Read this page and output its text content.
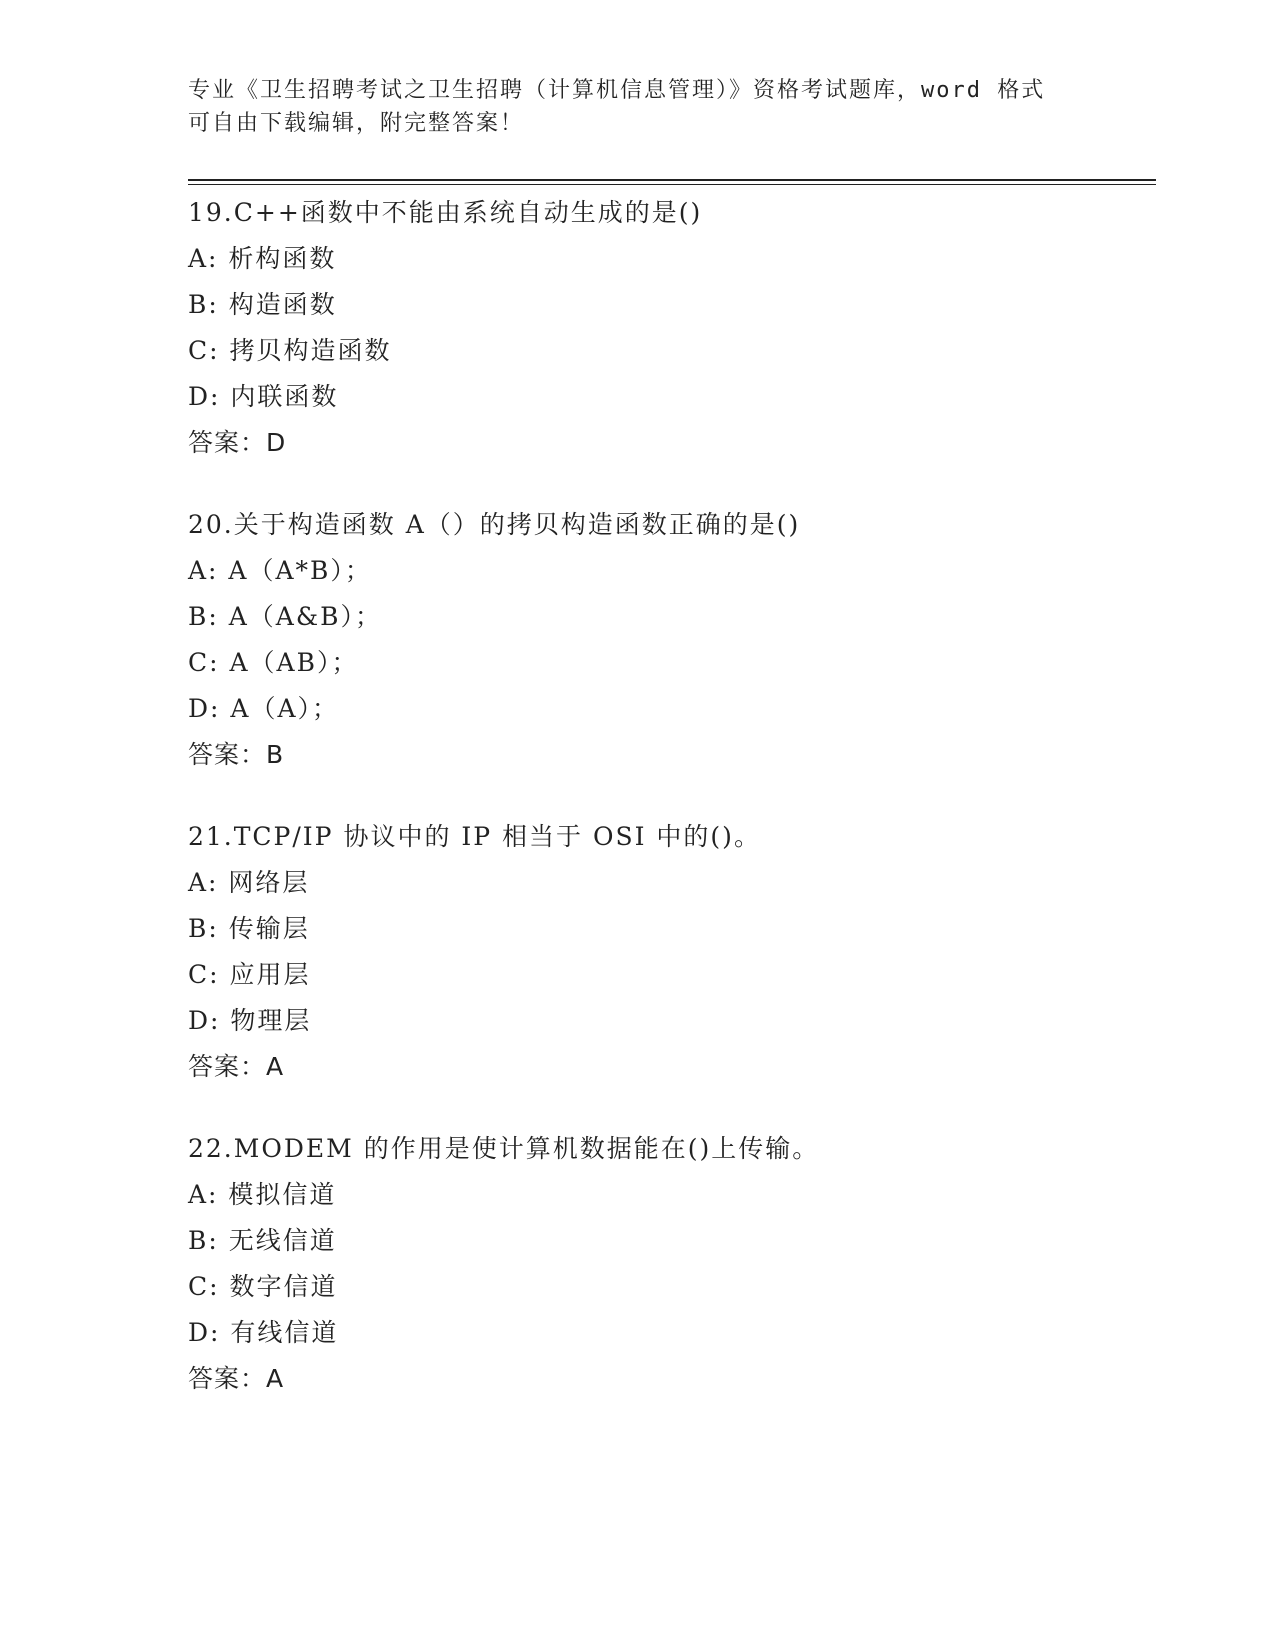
专业《卫生招聘考试之卫生招聘（计算机信息管理）》资格考试题库，word 格式
可自由下载编辑，附完整答案！
19.C++函数中不能由系统自动生成的是()
A: 析构函数
B: 构造函数
C: 拷贝构造函数
D: 内联函数
答案：D
20.关于构造函数 A（）的拷贝构造函数正确的是()
A: A（A*B）；
B: A（A&B）；
C: A（AB）；
D: A（A）；
答案：B
21.TCP/IP 协议中的 IP 相当于 OSI 中的()。
A: 网络层
B: 传输层
C: 应用层
D: 物理层
答案：A
22.MODEM 的作用是使计算机数据能在()上传输。
A: 模拟信道
B: 无线信道
C: 数字信道
D: 有线信道
答案：A
